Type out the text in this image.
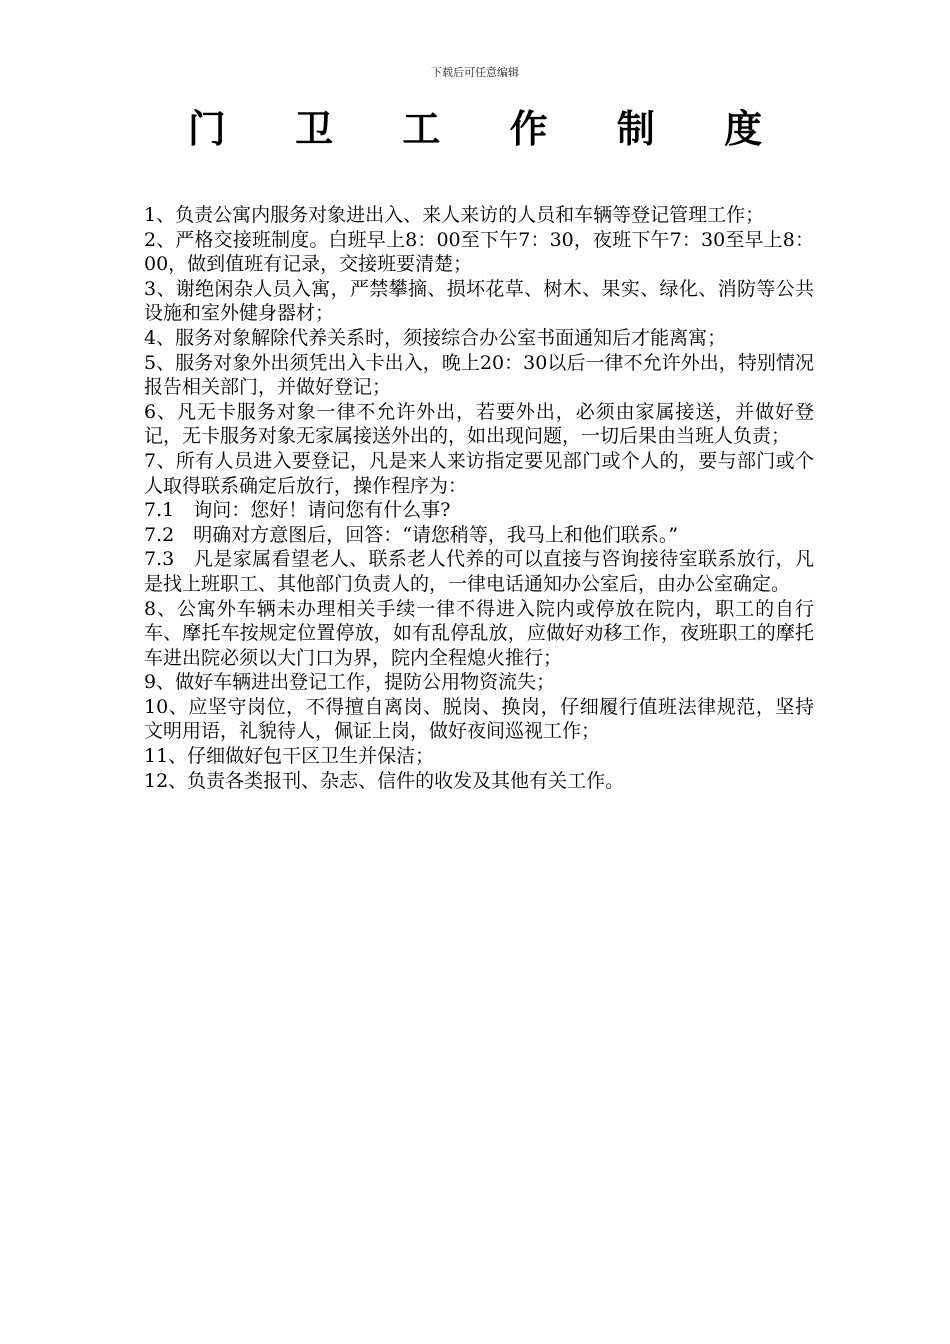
下载后可任意编辑
门 卫 工 作 制 度

1、负责公寓内服务对象进出入、来人来访的人员和车辆等登记管理工作；

2、严格交接班制度。白班早上8：00至下午7：30，夜班下午7：30至早上8：00，做到值班有记录，交接班要清楚；

3、谢绝闲杂人员入寓，严禁攀摘、损坏花草、树木、果实、绿化、消防等公共设施和室外健身器材；

4、服务对象解除代养关系时，须接综合办公室书面通知后才能离寓；

5、服务对象外出须凭出入卡出入，晚上20：30以后一律不允许外出，特别情况报告相关部门，并做好登记；

6、凡无卡服务对象一律不允许外出，若要外出，必须由家属接送，并做好登记，无卡服务对象无家属接送外出的，如出现问题，一切后果由当班人负责；

7、所有人员进入要登记，凡是来人来访指定要见部门或个人的，要与部门或个人取得联系确定后放行，操作程序为：

7.1　询问：您好！请问您有什么事?

7.2　明确对方意图后，回答：“请您稍等，我马上和他们联系。”

7.3　凡是家属看望老人、联系老人代养的可以直接与咨询接待室联系放行，凡是找上班职工、其他部门负责人的，一律电话通知办公室后，由办公室确定。

8、公寓外车辆未办理相关手续一律不得进入院内或停放在院内，职工的自行车、摩托车按规定位置停放，如有乱停乱放，应做好劝移工作，夜班职工的摩托车进出院必须以大门口为界，院内全程熄火推行；

9、做好车辆进出登记工作，提防公用物资流失；

10、应坚守岗位，不得擅自离岗、脱岗、换岗，仔细履行值班法律规范，坚持文明用语，礼貌待人，佩证上岗，做好夜间巡视工作；

11、仔细做好包干区卫生并保洁；

12、负责各类报刊、杂志、信件的收发及其他有关工作。
